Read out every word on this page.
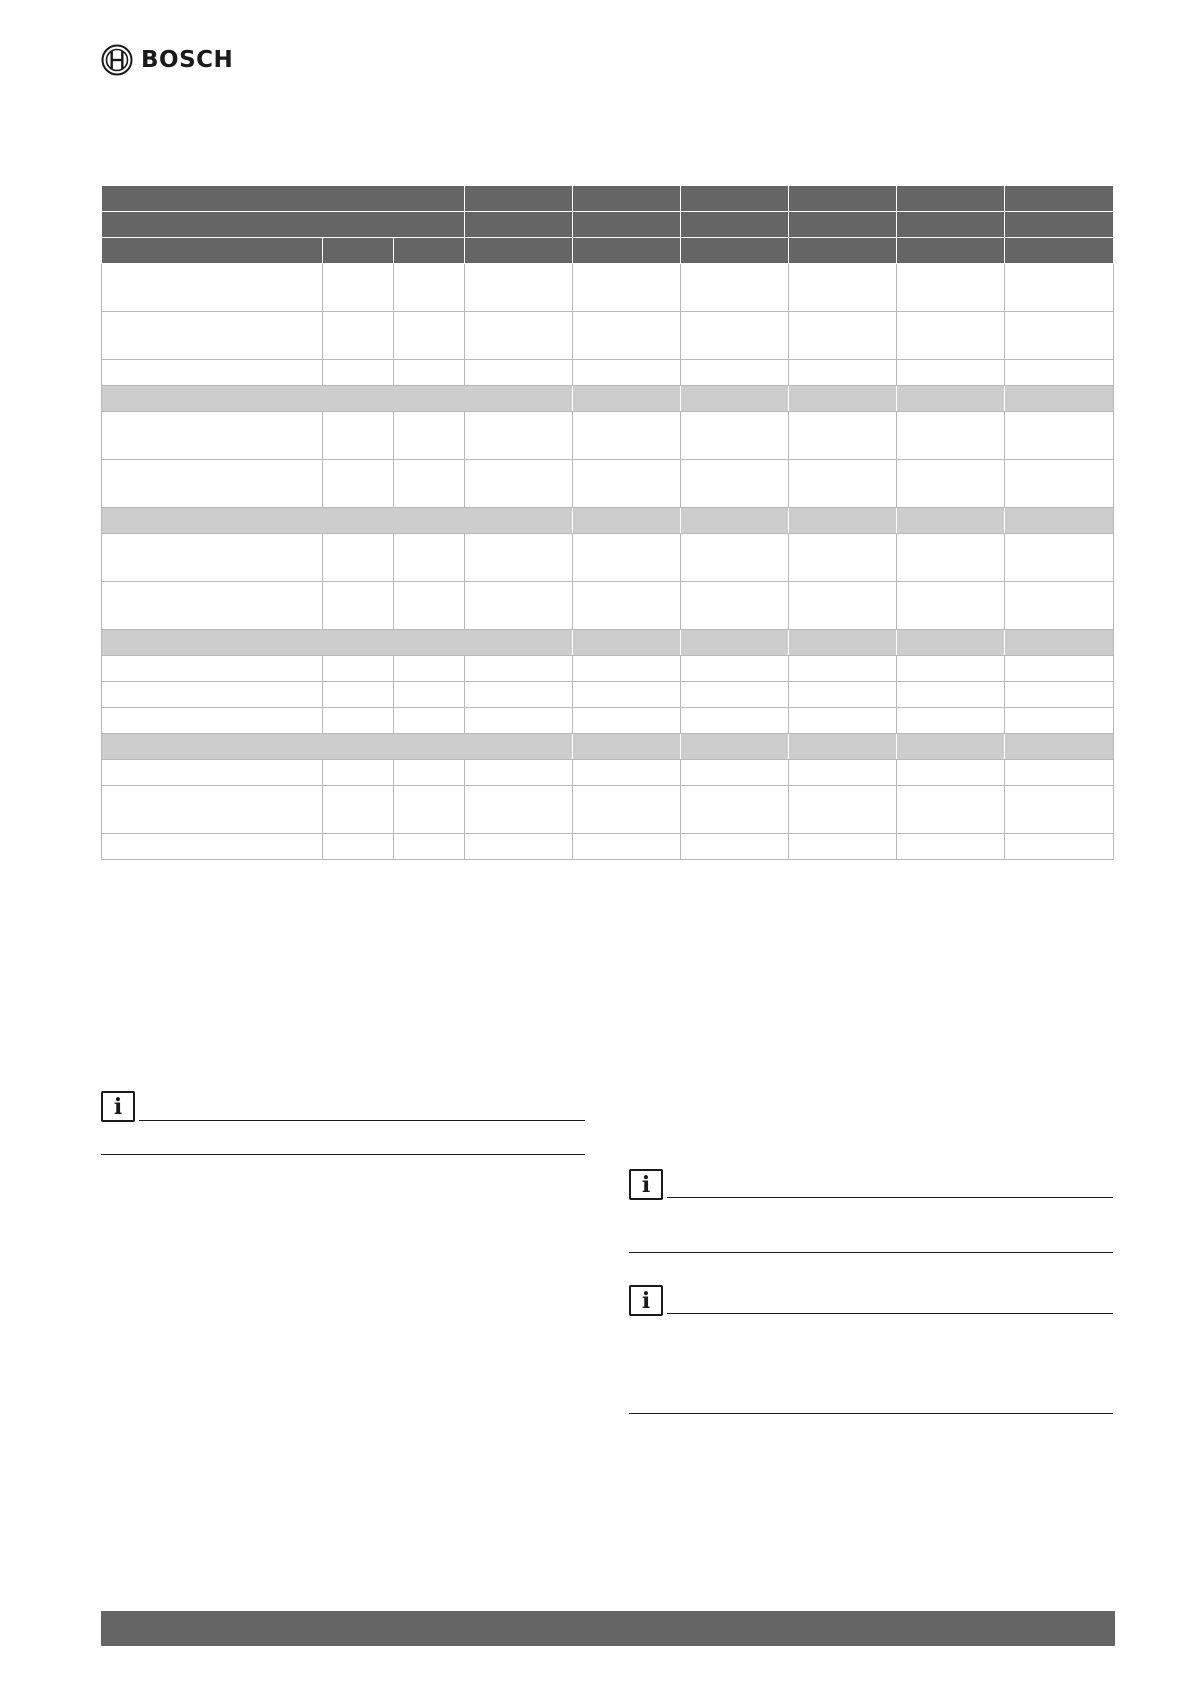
BOSCH

i
i
i
